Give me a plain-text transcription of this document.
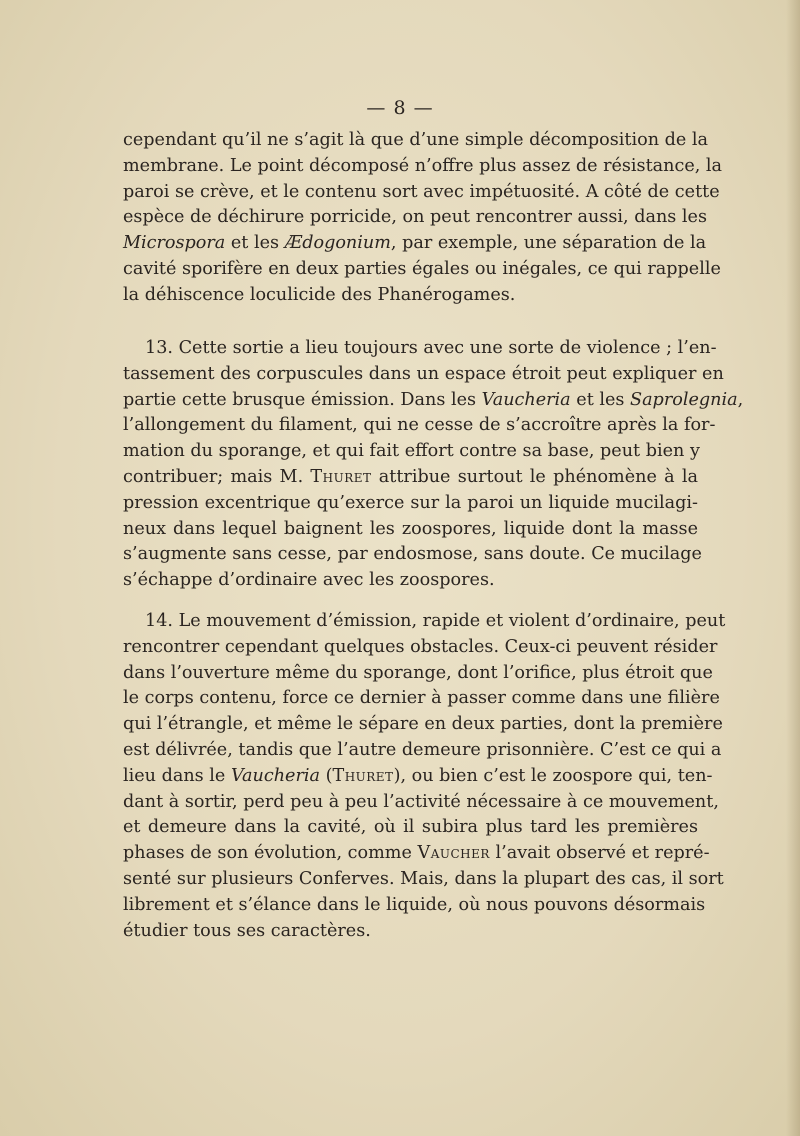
— 8 —
cependant qu’il ne s’agit là que d’une simple décomposition de la
membrane. Le point décomposé n’offre plus assez de résistance, la
paroi se crève, et le contenu sort avec impétuosité. A côté de cette
espèce de déchirure porricide, on peut rencontrer aussi, dans les
Microspora et les Ædogonium, par exemple, une séparation de la
cavité sporifère en deux parties égales ou inégales, ce qui rappelle
la déhiscence loculicide des Phanérogames.
13. Cette sortie a lieu toujours avec une sorte de violence ; l’en-
tassement des corpuscules dans un espace étroit peut expliquer en
partie cette brusque émission. Dans les Vaucheria et les Saprolegnia,
l’allongement du filament, qui ne cesse de s’accroître après la for-
mation du sporange, et qui fait effort contre sa base, peut bien y
contribuer; mais M. Thuret attribue surtout le phénomène à la
pression excentrique qu’exerce sur la paroi un liquide mucilagi-
neux dans lequel baignent les zoospores, liquide dont la masse
s’augmente sans cesse, par endosmose, sans doute. Ce mucilage
s’échappe d’ordinaire avec les zoospores.
14. Le mouvement d’émission, rapide et violent d’ordinaire, peut
rencontrer cependant quelques obstacles. Ceux-ci peuvent résider
dans l’ouverture même du sporange, dont l’orifice, plus étroit que
le corps contenu, force ce dernier à passer comme dans une filière
qui l’étrangle, et même le sépare en deux parties, dont la première
est délivrée, tandis que l’autre demeure prisonnière. C’est ce qui a
lieu dans le Vaucheria (Thuret), ou bien c’est le zoospore qui, ten-
dant à sortir, perd peu à peu l’activité nécessaire à ce mouvement,
et demeure dans la cavité, où il subira plus tard les premières
phases de son évolution, comme Vaucher l’avait observé et repré-
senté sur plusieurs Conferves. Mais, dans la plupart des cas, il sort
librement et s’élance dans le liquide, où nous pouvons désormais
étudier tous ses caractères.
